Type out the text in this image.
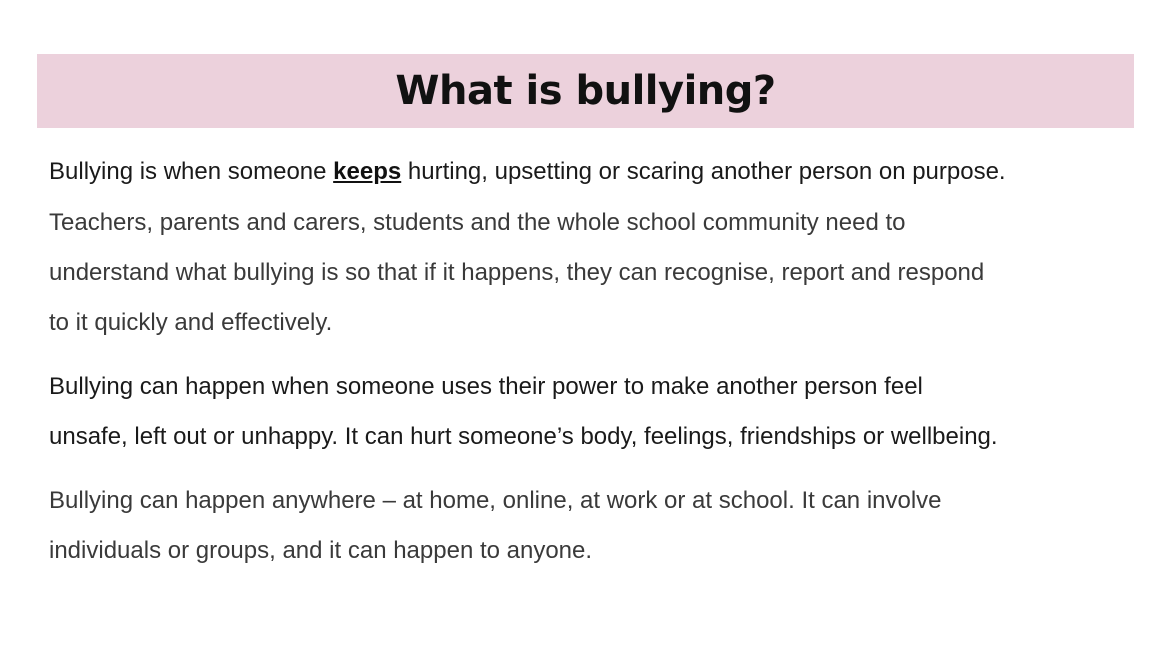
What is bullying?

Bullying is when someone keeps hurting, upsetting or scaring another person on purpose.

Teachers, parents and carers, students and the whole school community need to
understand what bullying is so that if it happens, they can recognise, report and respond
to it quickly and effectively.
Bullying can happen when someone uses their power to make another person feel
unsafe, left out or unhappy. It can hurt someone’s body, feelings, friendships or wellbeing.
Bullying can happen anywhere – at home, online, at work or at school. It can involve
individuals or groups, and it can happen to anyone.
